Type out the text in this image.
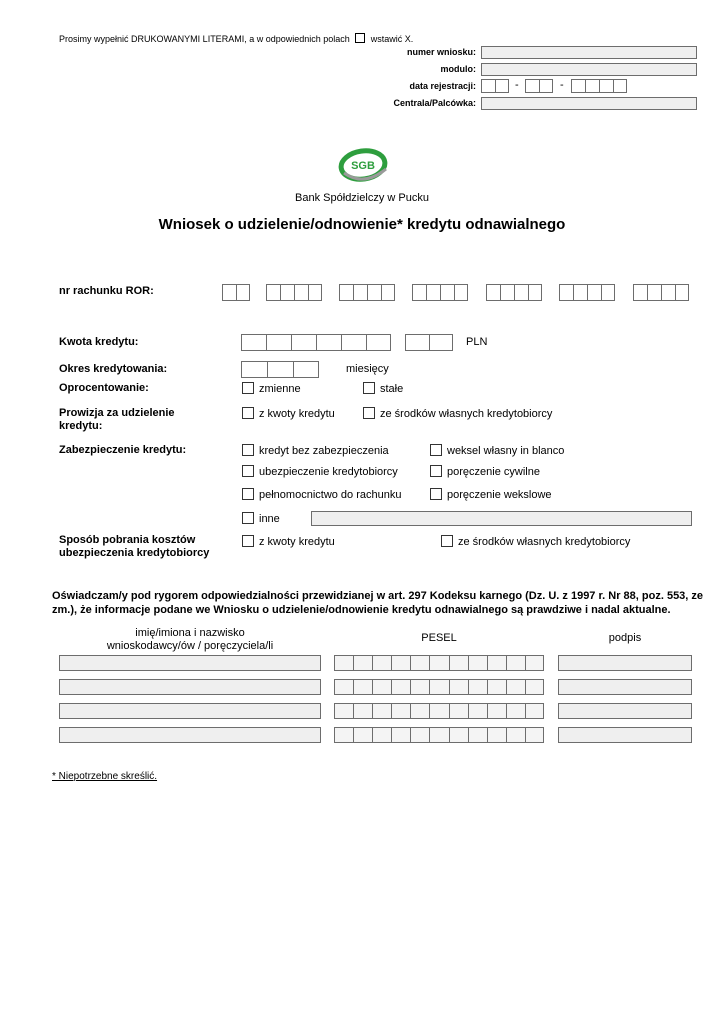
Prosimy wypełnić DRUKOWANYMI LITERAMI, a w odpowiednich polach wstawić X.
numer wniosku:
modulo:
data rejestracji:	-	-
Centrala/Palcówka:
SGB
Bank Spółdzielczy w Pucku
Wniosek o udzielenie/odnowienie* kredytu odnawialnego
nr rachunku ROR:
Kwota kredytu:	PLN
Okres kredytowania:	miesięcy
Oprocentowanie:	zmienne	stałe
Prowizja za udzielenie
kredytu:
z kwoty kredytu	ze środków własnych kredytobiorcy
Zabezpieczenie kredytu:	kredyt bez zabezpieczenia	weksel własny in blanco
ubezpieczenie kredytobiorcy	poręczenie cywilne
pełnomocnictwo do rachunku	poręczenie wekslowe
inne
Sposób pobrania kosztów
ubezpieczenia kredytobiorcy
z kwoty kredytu	ze środków własnych kredytobiorcy
Oświadczam/y pod rygorem odpowiedzialności przewidzianej w art. 297 Kodeksu karnego (Dz. U. z 1997 r. Nr 88, poz. 553, ze zm.), że informacje podane we Wniosku o udzielenie/odnowienie kredytu odnawialnego są prawdziwe i nadal aktualne.
imię/imiona i nazwisko
wnioskodawcy/ów / poręczyciela/li
PESEL	podpis
* Niepotrzebne skreślić.
